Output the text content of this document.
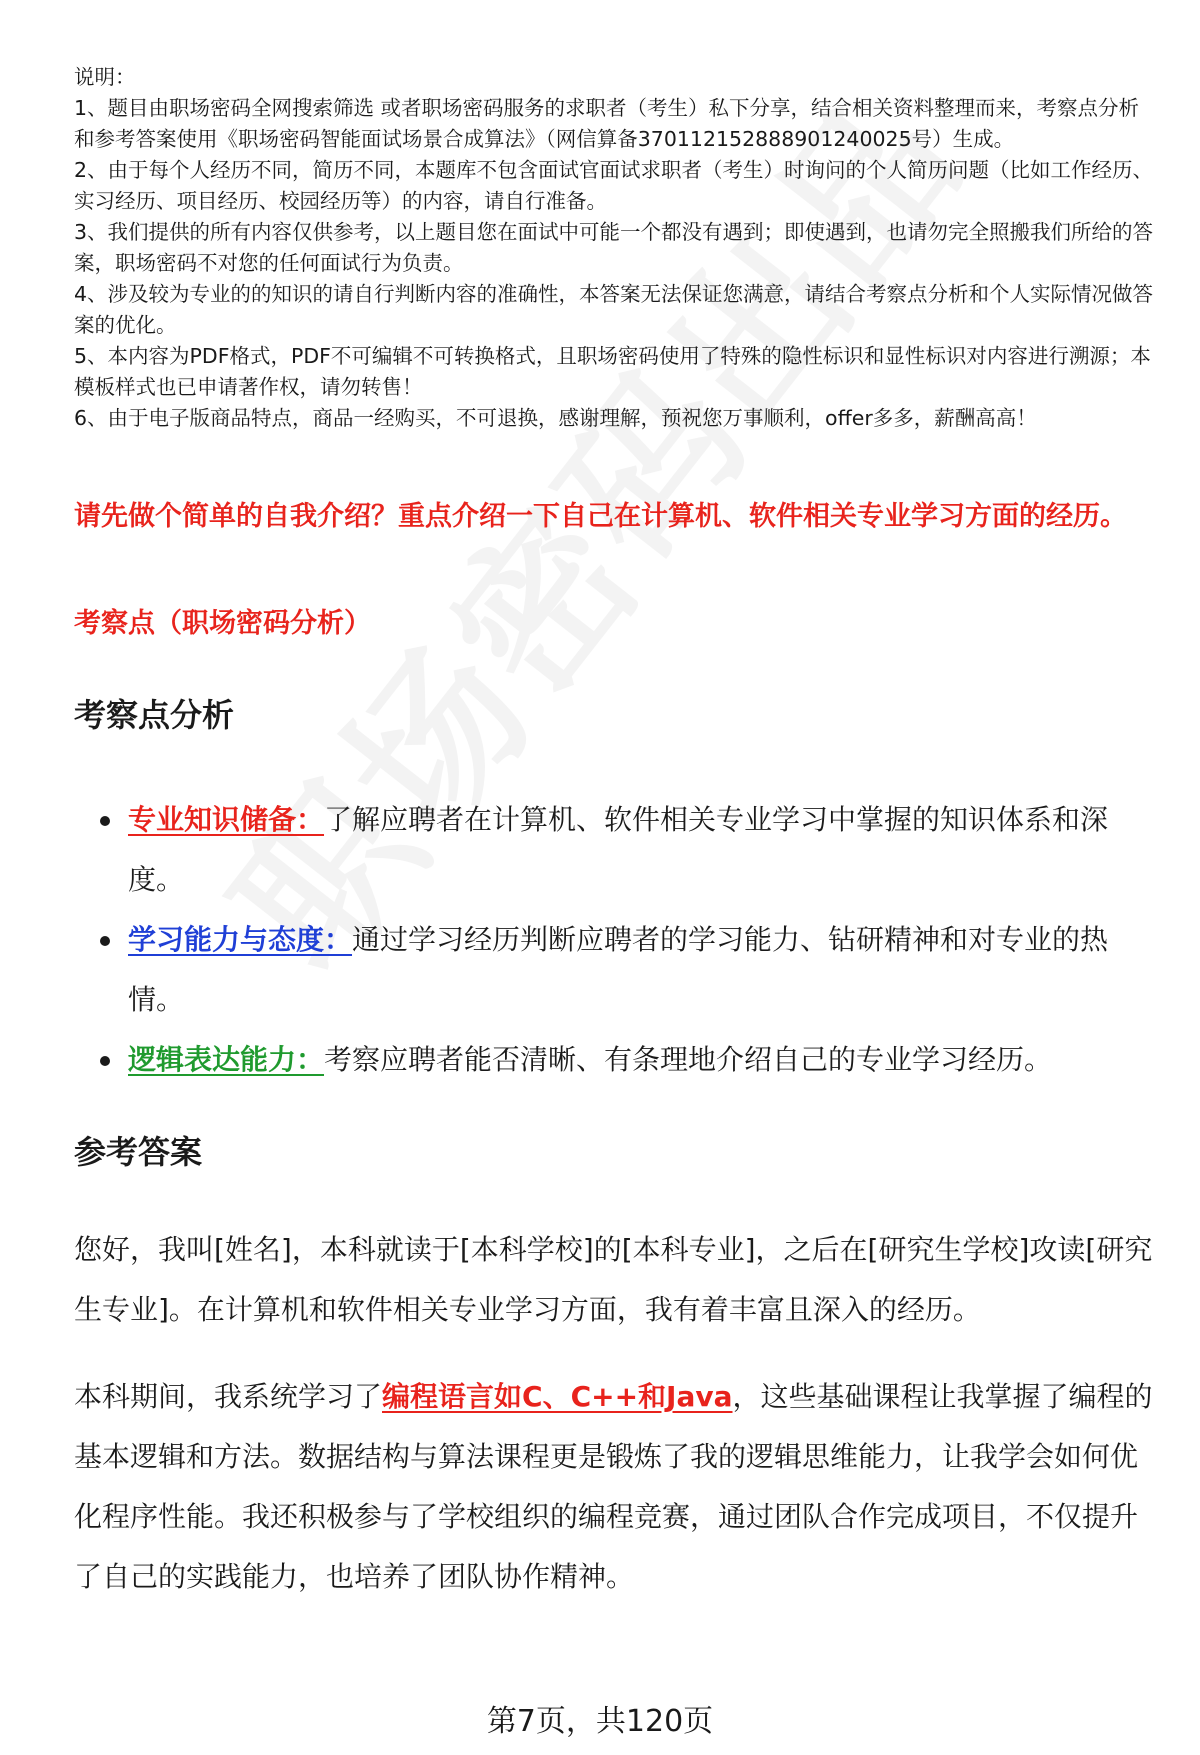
说明：

1、题目由职场密码全网搜索筛选 或者职场密码服务的求职者（考生）私下分享，结合相关资料整理而来，考察点分析和参考答案使用《职场密码智能面试场景合成算法》（网信算备370112152888901240025号）生成。

2、由于每个人经历不同，简历不同，本题库不包含面试官面试求职者（考生）时询问的个人简历问题（比如工作经历、实习经历、项目经历、校园经历等）的内容，请自行准备。

3、我们提供的所有内容仅供参考，以上题目您在面试中可能一个都没有遇到；即使遇到，也请勿完全照搬我们所给的答案，职场密码不对您的任何面试行为负责。

4、涉及较为专业的的知识的请自行判断内容的准确性，本答案无法保证您满意，请结合考察点分析和个人实际情况做答案的优化。

5、本内容为PDF格式，PDF不可编辑不可转换格式，且职场密码使用了特殊的隐性标识和显性标识对内容进行溯源；本模板样式也已申请著作权，请勿转售！

6、由于电子版商品特点，商品一经购买，不可退换，感谢理解，预祝您万事顺利，offer多多，薪酬高高！

请先做个简单的自我介绍？重点介绍一下自己在计算机、软件相关专业学习方面的经历。

考察点（职场密码分析）

考察点分析
专业知识储备：了解应聘者在计算机、软件相关专业学习中掌握的知识体系和深度。
学习能力与态度：通过学习经历判断应聘者的学习能力、钻研精神和对专业的热情。
逻辑表达能力：考察应聘者能否清晰、有条理地介绍自己的专业学习经历。
参考答案

您好，我叫[姓名]，本科就读于[本科学校]的[本科专业]，之后在[研究生学校]攻读[研究生专业]。在计算机和软件相关专业学习方面，我有着丰富且深入的经历。

本科期间，我系统学习了编程语言如C、C++和Java，这些基础课程让我掌握了编程的基本逻辑和方法。数据结构与算法课程更是锻炼了我的逻辑思维能力，让我学会如何优化程序性能。我还积极参与了学校组织的编程竞赛，通过团队合作完成项目，不仅提升了自己的实践能力，也培养了团队协作精神。

第7页，共120页
